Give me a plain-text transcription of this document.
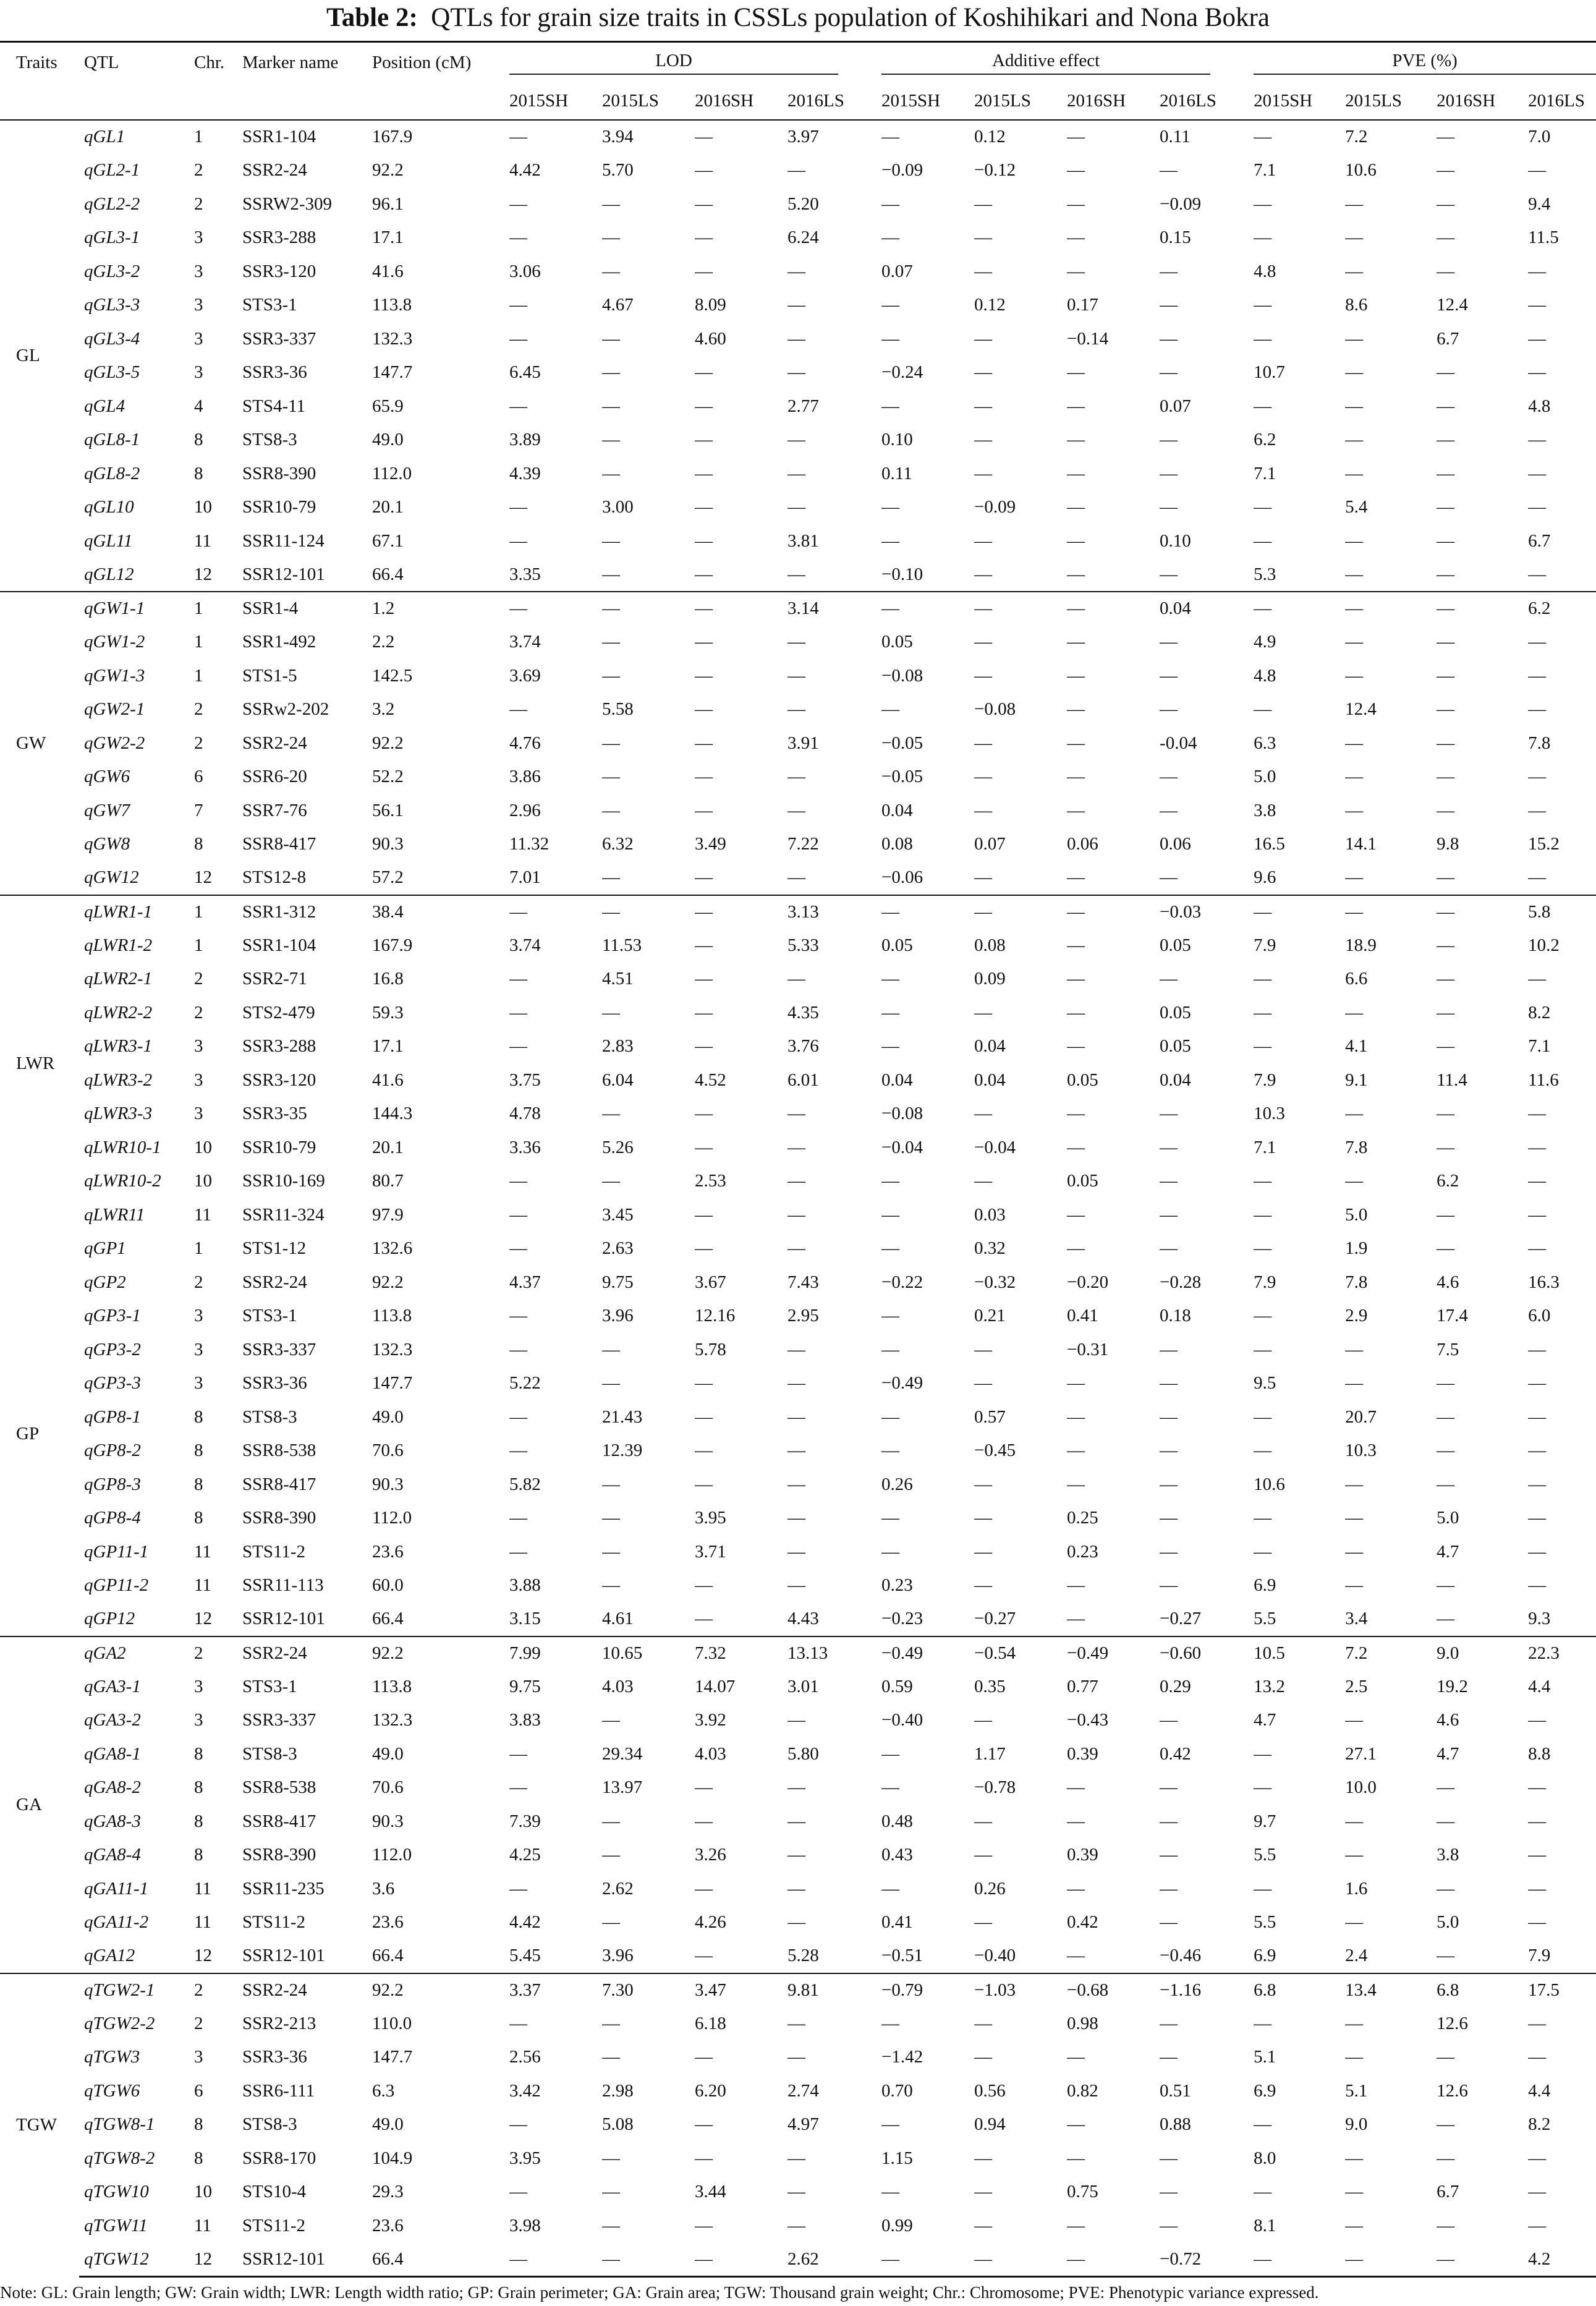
Table 2: QTLs for grain size traits in CSSLs population of Koshihikari and Nona Bokra
Traits	QTL	Chr.	Marker name	Position (cM)	LOD				Additive effect				PVE (%)			

					2015SH	2015LS	2016SH	2016LS	2015SH	2015LS	2016SH	2016LS	2015SH	2015LS	2016SH	2016LS
GL	qGL1	1	SSR1-104	167.9	—	3.94	—	3.97	—	0.12	—	0.11	—	7.2	—	7.0
	qGL2-1	2	SSR2-24	92.2	4.42	5.70	—	—	−0.09	−0.12	—	—	7.1	10.6	—	—
	qGL2-2	2	SSRW2-309	96.1	—	—	—	5.20	—	—	—	−0.09	—	—	—	9.4
	qGL3-1	3	SSR3-288	17.1	—	—	—	6.24	—	—	—	0.15	—	—	—	11.5
	qGL3-2	3	SSR3-120	41.6	3.06	—	—	—	0.07	—	—	—	4.8	—	—	—
	qGL3-3	3	STS3-1	113.8	—	4.67	8.09	—	—	0.12	0.17	—	—	8.6	12.4	—
	qGL3-4	3	SSR3-337	132.3	—	—	4.60	—	—	—	−0.14	—	—	—	6.7	—
	qGL3-5	3	SSR3-36	147.7	6.45	—	—	—	−0.24	—	—	—	10.7	—	—	—
	qGL4	4	STS4-11	65.9	—	—	—	2.77	—	—	—	0.07	—	—	—	4.8
	qGL8-1	8	STS8-3	49.0	3.89	—	—	—	0.10	—	—	—	6.2	—	—	—
	qGL8-2	8	SSR8-390	112.0	4.39	—	—	—	0.11	—	—	—	7.1	—	—	—
	qGL10	10	SSR10-79	20.1	—	3.00	—	—	—	−0.09	—	—	—	5.4	—	—
	qGL11	11	SSR11-124	67.1	—	—	—	3.81	—	—	—	0.10	—	—	—	6.7
	qGL12	12	SSR12-101	66.4	3.35	—	—	—	−0.10	—	—	—	5.3	—	—	—
GW	qGW1-1	1	SSR1-4	1.2	—	—	—	3.14	—	—	—	0.04	—	—	—	6.2
	qGW1-2	1	SSR1-492	2.2	3.74	—	—	—	0.05	—	—	—	4.9	—	—	—
	qGW1-3	1	STS1-5	142.5	3.69	—	—	—	−0.08	—	—	—	4.8	—	—	—
	qGW2-1	2	SSRw2-202	3.2	—	5.58	—	—	—	−0.08	—	—	—	12.4	—	—
	qGW2-2	2	SSR2-24	92.2	4.76	—	—	3.91	−0.05	—	—	-0.04	6.3	—	—	7.8
	qGW6	6	SSR6-20	52.2	3.86	—	—	—	−0.05	—	—	—	5.0	—	—	—
	qGW7	7	SSR7-76	56.1	2.96	—	—	—	0.04	—	—	—	3.8	—	—	—
	qGW8	8	SSR8-417	90.3	11.32	6.32	3.49	7.22	0.08	0.07	0.06	0.06	16.5	14.1	9.8	15.2
	qGW12	12	STS12-8	57.2	7.01	—	—	—	−0.06	—	—	—	9.6	—	—	—
LWR	qLWR1-1	1	SSR1-312	38.4	—	—	—	3.13	—	—	—	−0.03	—	—	—	5.8
	qLWR1-2	1	SSR1-104	167.9	3.74	11.53	—	5.33	0.05	0.08	—	0.05	7.9	18.9	—	10.2
	qLWR2-1	2	SSR2-71	16.8	—	4.51	—	—	—	0.09	—	—	—	6.6	—	—
	qLWR2-2	2	STS2-479	59.3	—	—	—	4.35	—	—	—	0.05	—	—	—	8.2
	qLWR3-1	3	SSR3-288	17.1	—	2.83	—	3.76	—	0.04	—	0.05	—	4.1	—	7.1
	qLWR3-2	3	SSR3-120	41.6	3.75	6.04	4.52	6.01	0.04	0.04	0.05	0.04	7.9	9.1	11.4	11.6
	qLWR3-3	3	SSR3-35	144.3	4.78	—	—	—	−0.08	—	—	—	10.3	—	—	—
	qLWR10-1	10	SSR10-79	20.1	3.36	5.26	—	—	−0.04	−0.04	—	—	7.1	7.8	—	—
	qLWR10-2	10	SSR10-169	80.7	—	—	2.53	—	—	—	0.05	—	—	—	6.2	—
	qLWR11	11	SSR11-324	97.9	—	3.45	—	—	—	0.03	—	—	—	5.0	—	—
GP	qGP1	1	STS1-12	132.6	—	2.63	—	—	—	0.32	—	—	—	1.9	—	—
	qGP2	2	SSR2-24	92.2	4.37	9.75	3.67	7.43	−0.22	−0.32	−0.20	−0.28	7.9	7.8	4.6	16.3
	qGP3-1	3	STS3-1	113.8	—	3.96	12.16	2.95	—	0.21	0.41	0.18	—	2.9	17.4	6.0
	qGP3-2	3	SSR3-337	132.3	—	—	5.78	—	—	—	−0.31	—	—	—	7.5	—
	qGP3-3	3	SSR3-36	147.7	5.22	—	—	—	−0.49	—	—	—	9.5	—	—	—
	qGP8-1	8	STS8-3	49.0	—	21.43	—	—	—	0.57	—	—	—	20.7	—	—
	qGP8-2	8	SSR8-538	70.6	—	12.39	—	—	—	−0.45	—	—	—	10.3	—	—
	qGP8-3	8	SSR8-417	90.3	5.82	—	—	—	0.26	—	—	—	10.6	—	—	—
	qGP8-4	8	SSR8-390	112.0	—	—	3.95	—	—	—	0.25	—	—	—	5.0	—
	qGP11-1	11	STS11-2	23.6	—	—	3.71	—	—	—	0.23	—	—	—	4.7	—
	qGP11-2	11	SSR11-113	60.0	3.88	—	—	—	0.23	—	—	—	6.9	—	—	—
	qGP12	12	SSR12-101	66.4	3.15	4.61	—	4.43	−0.23	−0.27	—	−0.27	5.5	3.4	—	9.3
GA	qGA2	2	SSR2-24	92.2	7.99	10.65	7.32	13.13	−0.49	−0.54	−0.49	−0.60	10.5	7.2	9.0	22.3
	qGA3-1	3	STS3-1	113.8	9.75	4.03	14.07	3.01	0.59	0.35	0.77	0.29	13.2	2.5	19.2	4.4
	qGA3-2	3	SSR3-337	132.3	3.83	—	3.92	—	−0.40	—	−0.43	—	4.7	—	4.6	—
	qGA8-1	8	STS8-3	49.0	—	29.34	4.03	5.80	—	1.17	0.39	0.42	—	27.1	4.7	8.8
	qGA8-2	8	SSR8-538	70.6	—	13.97	—	—	—	−0.78	—	—	—	10.0	—	—
	qGA8-3	8	SSR8-417	90.3	7.39	—	—	—	0.48	—	—	—	9.7	—	—	—
	qGA8-4	8	SSR8-390	112.0	4.25	—	3.26	—	0.43	—	0.39	—	5.5	—	3.8	—
	qGA11-1	11	SSR11-235	3.6	—	2.62	—	—	—	0.26	—	—	—	1.6	—	—
	qGA11-2	11	STS11-2	23.6	4.42	—	4.26	—	0.41	—	0.42	—	5.5	—	5.0	—
	qGA12	12	SSR12-101	66.4	5.45	3.96	—	5.28	−0.51	−0.40	—	−0.46	6.9	2.4	—	7.9
TGW	qTGW2-1	2	SSR2-24	92.2	3.37	7.30	3.47	9.81	−0.79	−1.03	−0.68	−1.16	6.8	13.4	6.8	17.5
	qTGW2-2	2	SSR2-213	110.0	—	—	6.18	—	—	—	0.98	—	—	—	12.6	—
	qTGW3	3	SSR3-36	147.7	2.56	—	—	—	−1.42	—	—	—	5.1	—	—	—
	qTGW6	6	SSR6-111	6.3	3.42	2.98	6.20	2.74	0.70	0.56	0.82	0.51	6.9	5.1	12.6	4.4
	qTGW8-1	8	STS8-3	49.0	—	5.08	—	4.97	—	0.94	—	0.88	—	9.0	—	8.2
	qTGW8-2	8	SSR8-170	104.9	3.95	—	—	—	1.15	—	—	—	8.0	—	—	—
	qTGW10	10	STS10-4	29.3	—	—	3.44	—	—	—	0.75	—	—	—	6.7	—
	qTGW11	11	STS11-2	23.6	3.98	—	—	—	0.99	—	—	—	8.1	—	—	—
	qTGW12	12	SSR12-101	66.4	—	—	—	2.62	—	—	—	−0.72	—	—	—	4.2
Note: GL: Grain length; GW: Grain width; LWR: Length width ratio; GP: Grain perimeter; GA: Grain area; TGW: Thousand grain weight; Chr.: Chromosome; PVE: Phenotypic variance expressed.
